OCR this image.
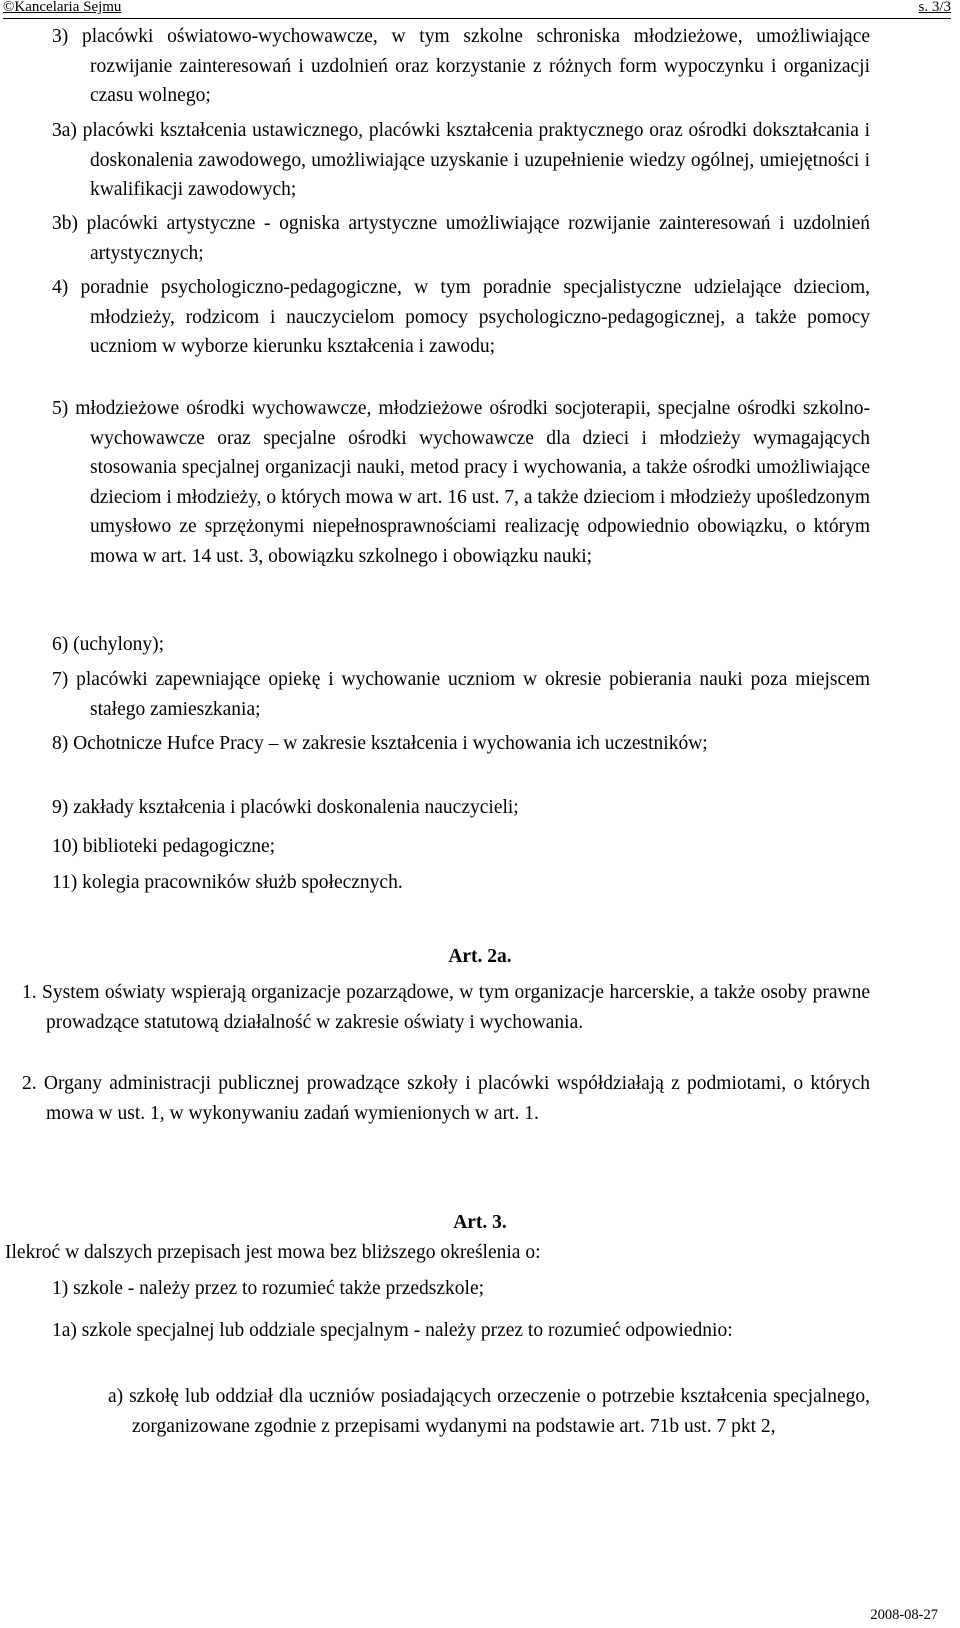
©Kancelaria Sejmu	s. 3/3
3) placówki oświatowo-wychowawcze, w tym szkolne schroniska młodzieżowe, umożliwiające rozwijanie zainteresowań i uzdolnień oraz korzystanie z różnych form wypoczynku i organizacji czasu wolnego;
3a) placówki kształcenia ustawicznego, placówki kształcenia praktycznego oraz ośrodki dokształcania i doskonalenia zawodowego, umożliwiające uzyskanie i uzupełnienie wiedzy ogólnej, umiejętności i kwalifikacji zawodowych;
3b) placówki artystyczne - ogniska artystyczne umożliwiające rozwijanie zainteresowań i uzdolnień artystycznych;
4) poradnie psychologiczno-pedagogiczne, w tym poradnie specjalistyczne udzielające dzieciom, młodzieży, rodzicom i nauczycielom pomocy psychologiczno-pedagogicznej, a także pomocy uczniom w wyborze kierunku kształcenia i zawodu;
5) młodzieżowe ośrodki wychowawcze, młodzieżowe ośrodki socjoterapii, specjalne ośrodki szkolno-wychowawcze oraz specjalne ośrodki wychowawcze dla dzieci i młodzieży wymagających stosowania specjalnej organizacji nauki, metod pracy i wychowania, a także ośrodki umożliwiające dzieciom i młodzieży, o których mowa w art. 16 ust. 7, a także dzieciom i młodzieży upośledzonym umysłowo ze sprzężonymi niepełnosprawnościami realizację odpowiednio obowiązku, o którym mowa w art. 14 ust. 3, obowiązku szkolnego i obowiązku nauki;
6) (uchylony);
7) placówki zapewniające opiekę i wychowanie uczniom w okresie pobierania nauki poza miejscem stałego zamieszkania;
8) Ochotnicze Hufce Pracy – w zakresie kształcenia i wychowania ich uczestników;
9) zakłady kształcenia i placówki doskonalenia nauczycieli;
10) biblioteki pedagogiczne;
11) kolegia pracowników służb społecznych.
Art. 2a.
1. System oświaty wspierają organizacje pozarządowe, w tym organizacje harcerskie, a także osoby prawne prowadzące statutową działalność w zakresie oświaty i wychowania.
2. Organy administracji publicznej prowadzące szkoły i placówki współdziałają z podmiotami, o których mowa w ust. 1, w wykonywaniu zadań wymienionych w art. 1.
Art. 3.
Ilekroć w dalszych przepisach jest mowa bez bliższego określenia o:
1) szkole - należy przez to rozumieć także przedszkole;
1a) szkole specjalnej lub oddziale specjalnym - należy przez to rozumieć odpowiednio:
a) szkołę lub oddział dla uczniów posiadających orzeczenie o potrzebie kształcenia specjalnego, zorganizowane zgodnie z przepisami wydanymi na podstawie art. 71b ust. 7 pkt 2,
2008-08-27
